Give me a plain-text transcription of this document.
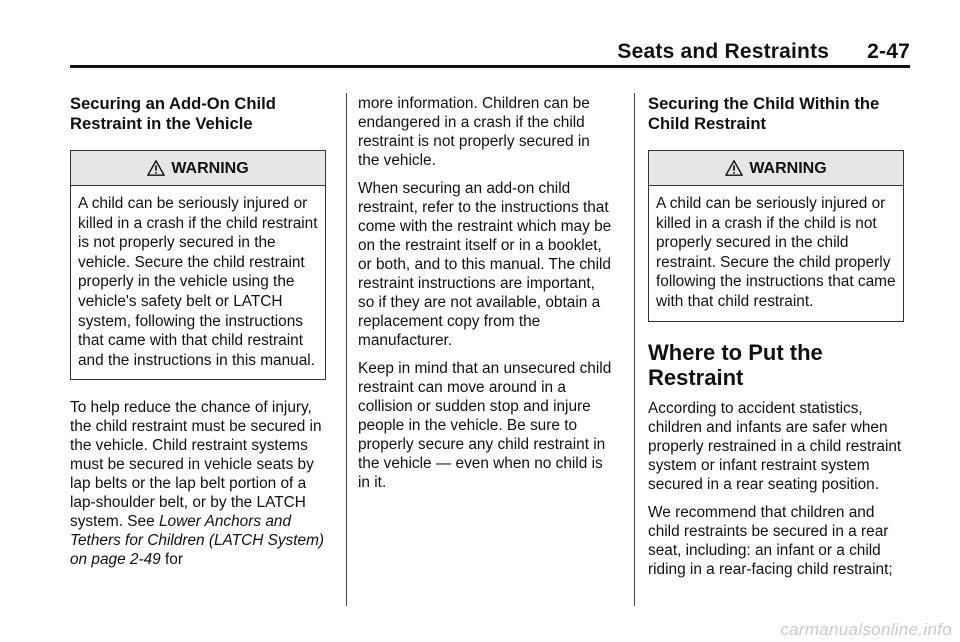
Seats and Restraints 2-47
Securing an Add-On Child Restraint in the Vehicle
WARNING
A child can be seriously injured or killed in a crash if the child restraint is not properly secured in the vehicle. Secure the child restraint properly in the vehicle using the vehicle's safety belt or LATCH system, following the instructions that came with that child restraint and the instructions in this manual.

To help reduce the chance of injury, the child restraint must be secured in the vehicle. Child restraint systems must be secured in vehicle seats by lap belts or the lap belt portion of a lap-shoulder belt, or by the LATCH system. See Lower Anchors and Tethers for Children (LATCH System) on page 2-49 for

more information. Children can be endangered in a crash if the child restraint is not properly secured in the vehicle.

When securing an add-on child restraint, refer to the instructions that come with the restraint which may be on the restraint itself or in a booklet, or both, and to this manual. The child restraint instructions are important, so if they are not available, obtain a replacement copy from the manufacturer.

Keep in mind that an unsecured child restraint can move around in a collision or sudden stop and injure people in the vehicle. Be sure to properly secure any child restraint in the vehicle — even when no child is in it.

Securing the Child Within the Child Restraint
WARNING
A child can be seriously injured or killed in a crash if the child is not properly secured in the child restraint. Secure the child properly following the instructions that came with that child restraint.
Where to Put the Restraint

According to accident statistics, children and infants are safer when properly restrained in a child restraint system or infant restraint system secured in a rear seating position.

We recommend that children and child restraints be secured in a rear seat, including: an infant or a child riding in a rear-facing child restraint;

carmanualsonline.info
